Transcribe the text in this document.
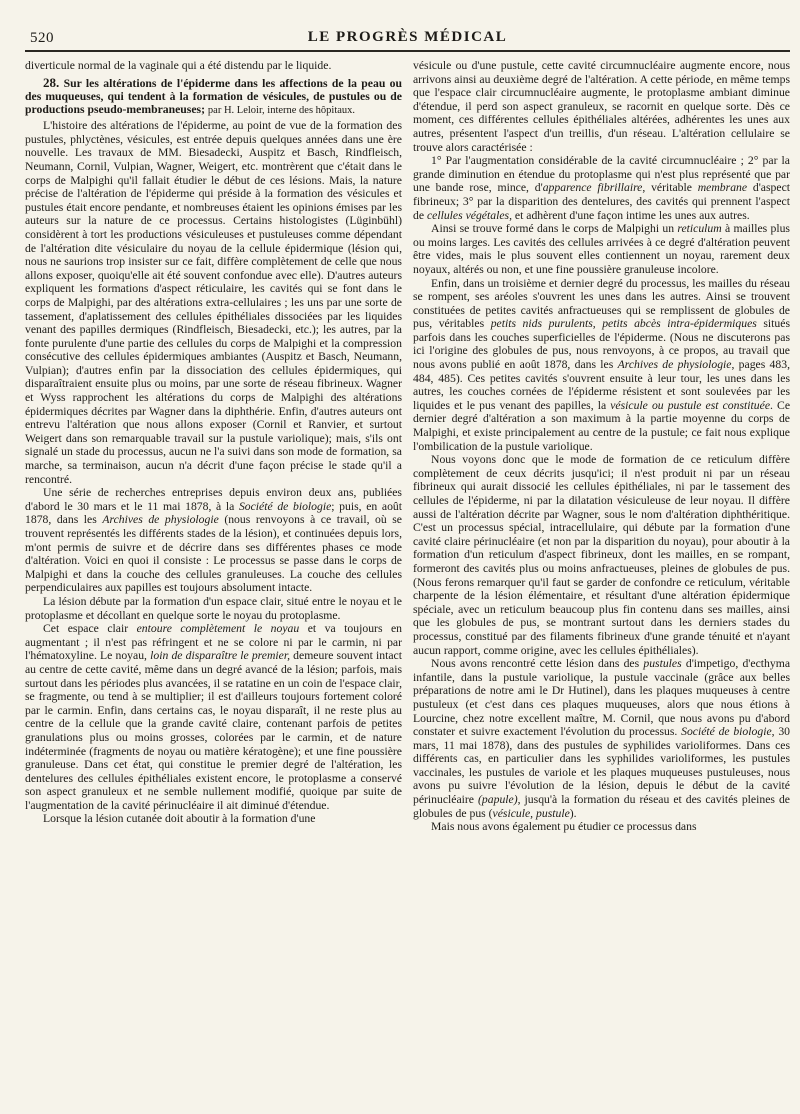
520	LE PROGRÈS MÉDICAL

diverticule normal de la vaginale qui a été distendu par le liquide.

28. Sur les altérations de l'épiderme dans les affections de la peau ou des muqueuses, qui tendent à la formation de vésicules, de pustules ou de productions pseudo-membraneuses; par H. Leloir, interne des hôpitaux.

L'histoire des altérations de l'épiderme, au point de vue de la formation des pustules, phlyctènes, vésicules, est entrée depuis quelques années dans une ère nouvelle. Les travaux de MM. Biesadecki, Auspitz et Basch, Rindfleisch, Neumann, Cornil, Vulpian, Wagner, Weigert, etc. montrèrent que c'était dans le corps de Malpighi qu'il fallait étudier le début de ces lésions. Mais, la nature précise de l'altération de l'épiderme qui préside à la formation des vésicules et pustules était encore pendante, et nombreuses étaient les opinions émises par les auteurs sur la nature de ce processus. Certains histologistes (Lüginbühl) considèrent à tort les productions vésiculeuses et pustuleuses comme dépendant de l'altération dite vésiculaire du noyau de la cellule épidermique (lésion qui, nous ne saurions trop insister sur ce fait, diffère complètement de celle que nous allons exposer, quoiqu'elle ait été souvent confondue avec elle). D'autres auteurs expliquent les formations d'aspect réticulaire, les cavités qui se font dans le corps de Malpighi, par des altérations extra-cellulaires ; les uns par une sorte de tassement, d'aplatissement des cellules épithéliales dissociées par les liquides venant des papilles dermiques (Rindfleisch, Biesadecki, etc.); les autres, par la fonte purulente d'une partie des cellules du corps de Malpighi et la compression consécutive des cellules épidermiques ambiantes (Auspitz et Basch, Neumann, Vulpian); d'autres enfin par la dissociation des cellules épidermiques, qui disparaîtraient ensuite plus ou moins, par une sorte de réseau fibrineux. Wagner et Wyss rapprochent les altérations du corps de Malpighi des altérations épidermiques décrites par Wagner dans la diphthérie. Enfin, d'autres auteurs ont entrevu l'altération que nous allons exposer (Cornil et Ranvier, et surtout Weigert dans son remarquable travail sur la pustule variolique); mais, s'ils ont signalé un stade du processus, aucun ne l'a suivi dans son mode de formation, sa marche, sa terminaison, aucun n'a décrit d'une façon précise le stade qu'il a rencontré.

Une série de recherches entreprises depuis environ deux ans, publiées d'abord le 30 mars et le 11 mai 1878, à la Société de biologie; puis, en août 1878, dans les Archives de physiologie (nous renvoyons à ce travail, où se trouvent représentés les différents stades de la lésion), et continuées depuis lors, m'ont permis de suivre et de décrire dans ses différentes phases ce mode d'altération. Voici en quoi il consiste : Le processus se passe dans le corps de Malpighi et dans la couche des cellules granuleuses. La couche des cellules perpendiculaires aux papilles est toujours absolument intacte.

La lésion débute par la formation d'un espace clair, situé entre le noyau et le protoplasme et décollant en quelque sorte le noyau du protoplasme.

Cet espace clair entoure complètement le noyau et va toujours en augmentant ; il n'est pas réfringent et ne se colore ni par le carmin, ni par l'hématoxyline. Le noyau, loin de disparaître le premier, demeure souvent intact au centre de cette cavité, même dans un degré avancé de la lésion; parfois, mais surtout dans les périodes plus avancées, il se ratatine en un coin de l'espace clair, se fragmente, ou tend à se multiplier; il est d'ailleurs toujours fortement coloré par le carmin. Enfin, dans certains cas, le noyau disparaît, il ne reste plus au centre de la cellule que la grande cavité claire, contenant parfois de petites granulations plus ou moins grosses, colorées par le carmin, et de nature indéterminée (fragments de noyau ou matière kératogène); et une fine poussière granuleuse. Dans cet état, qui constitue le premier degré de l'altération, les dentelures des cellules épithéliales existent encore, le protoplasme a conservé son aspect granuleux et ne semble nullement modifié, quoique par suite de l'augmentation de la cavité périnucléaire il ait diminué d'étendue.

Lorsque la lésion cutanée doit aboutir à la formation d'une

vésicule ou d'une pustule, cette cavité circumnucléaire augmente encore, nous arrivons ainsi au deuxième degré de l'altération. A cette période, en même temps que l'espace clair circumnucléaire augmente, le protoplasme ambiant diminue d'étendue, il perd son aspect granuleux, se racornit en quelque sorte. Dès ce moment, ces différentes cellules épithéliales altérées, adhérentes les unes aux autres, présentent l'aspect d'un treillis, d'un réseau. L'altération cellulaire se trouve alors caractérisée :

1° Par l'augmentation considérable de la cavité circumnucléaire ; 2° par la grande diminution en étendue du protoplasme qui n'est plus représenté que par une bande rose, mince, d'apparence fibrillaire, véritable membrane d'aspect fibrineux; 3° par la disparition des dentelures, des cavités qui prennent l'aspect de cellules végétales, et adhèrent d'une façon intime les unes aux autres.

Ainsi se trouve formé dans le corps de Malpighi un reticulum à mailles plus ou moins larges. Les cavités des cellules arrivées à ce degré d'altération peuvent être vides, mais le plus souvent elles contiennent un noyau, rarement deux noyaux, altérés ou non, et une fine poussière granuleuse incolore.

Enfin, dans un troisième et dernier degré du processus, les mailles du réseau se rompent, ses aréoles s'ouvrent les unes dans les autres. Ainsi se trouvent constituées de petites cavités anfractueuses qui se remplissent de globules de pus, véritables petits nids purulents, petits abcès intra-épidermiques situés parfois dans les couches superficielles de l'épiderme. (Nous ne discuterons pas ici l'origine des globules de pus, nous renvoyons, à ce propos, au travail que nous avons publié en août 1878, dans les Archives de physiologie, pages 483, 484, 485). Ces petites cavités s'ouvrent ensuite à leur tour, les unes dans les autres, les couches cornées de l'épiderme résistent et sont soulevées par les liquides et le pus venant des papilles, la vésicule ou pustule est constituée. Ce dernier degré d'altération a son maximum à la partie moyenne du corps de Malpighi, et existe principalement au centre de la pustule; ce fait nous explique l'ombilication de la pustule variolique.

Nous voyons donc que le mode de formation de ce reticulum diffère complètement de ceux décrits jusqu'ici; il n'est produit ni par un réseau fibrineux qui aurait dissocié les cellules épithéliales, ni par le tassement des cellules de l'épiderme, ni par la dilatation vésiculeuse de leur noyau. Il diffère aussi de l'altération décrite par Wagner, sous le nom d'altération diphthéritique. C'est un processus spécial, intracellulaire, qui débute par la formation d'une cavité claire périnucléaire (et non par la disparition du noyau), pour aboutir à la formation d'un reticulum d'aspect fibrineux, dont les mailles, en se rompant, formeront des cavités plus ou moins anfractueuses, pleines de globules de pus. (Nous ferons remarquer qu'il faut se garder de confondre ce reticulum, véritable charpente de la lésion élémentaire, et résultant d'une altération épidermique spéciale, avec un reticulum beaucoup plus fin contenu dans ses mailles, ainsi que les globules de pus, se montrant surtout dans les derniers stades du processus, constitué par des filaments fibrineux d'une grande ténuité et n'ayant aucun rapport, comme origine, avec les cellules épithéliales).

Nous avons rencontré cette lésion dans des pustules d'impetigo, d'ecthyma infantile, dans la pustule variolique, la pustule vaccinale (grâce aux belles préparations de notre ami le Dr Hutinel), dans les plaques muqueuses à centre pustuleux (et c'est dans ces plaques muqueuses, alors que nous étions à Lourcine, chez notre excellent maître, M. Cornil, que nous avons pu d'abord constater et suivre exactement l'évolution du processus. Société de biologie, 30 mars, 11 mai 1878), dans des pustules de syphilides varioliformes. Dans ces différents cas, en particulier dans les syphilides varioliformes, les pustules vaccinales, les pustules de variole et les plaques muqueuses pustuleuses, nous avons pu suivre l'évolution de la lésion, depuis le début de la cavité périnucléaire (papule), jusqu'à la formation du réseau et des cavités pleines de globules de pus (vésicule, pustule).

Mais nous avons également pu étudier ce processus dans
